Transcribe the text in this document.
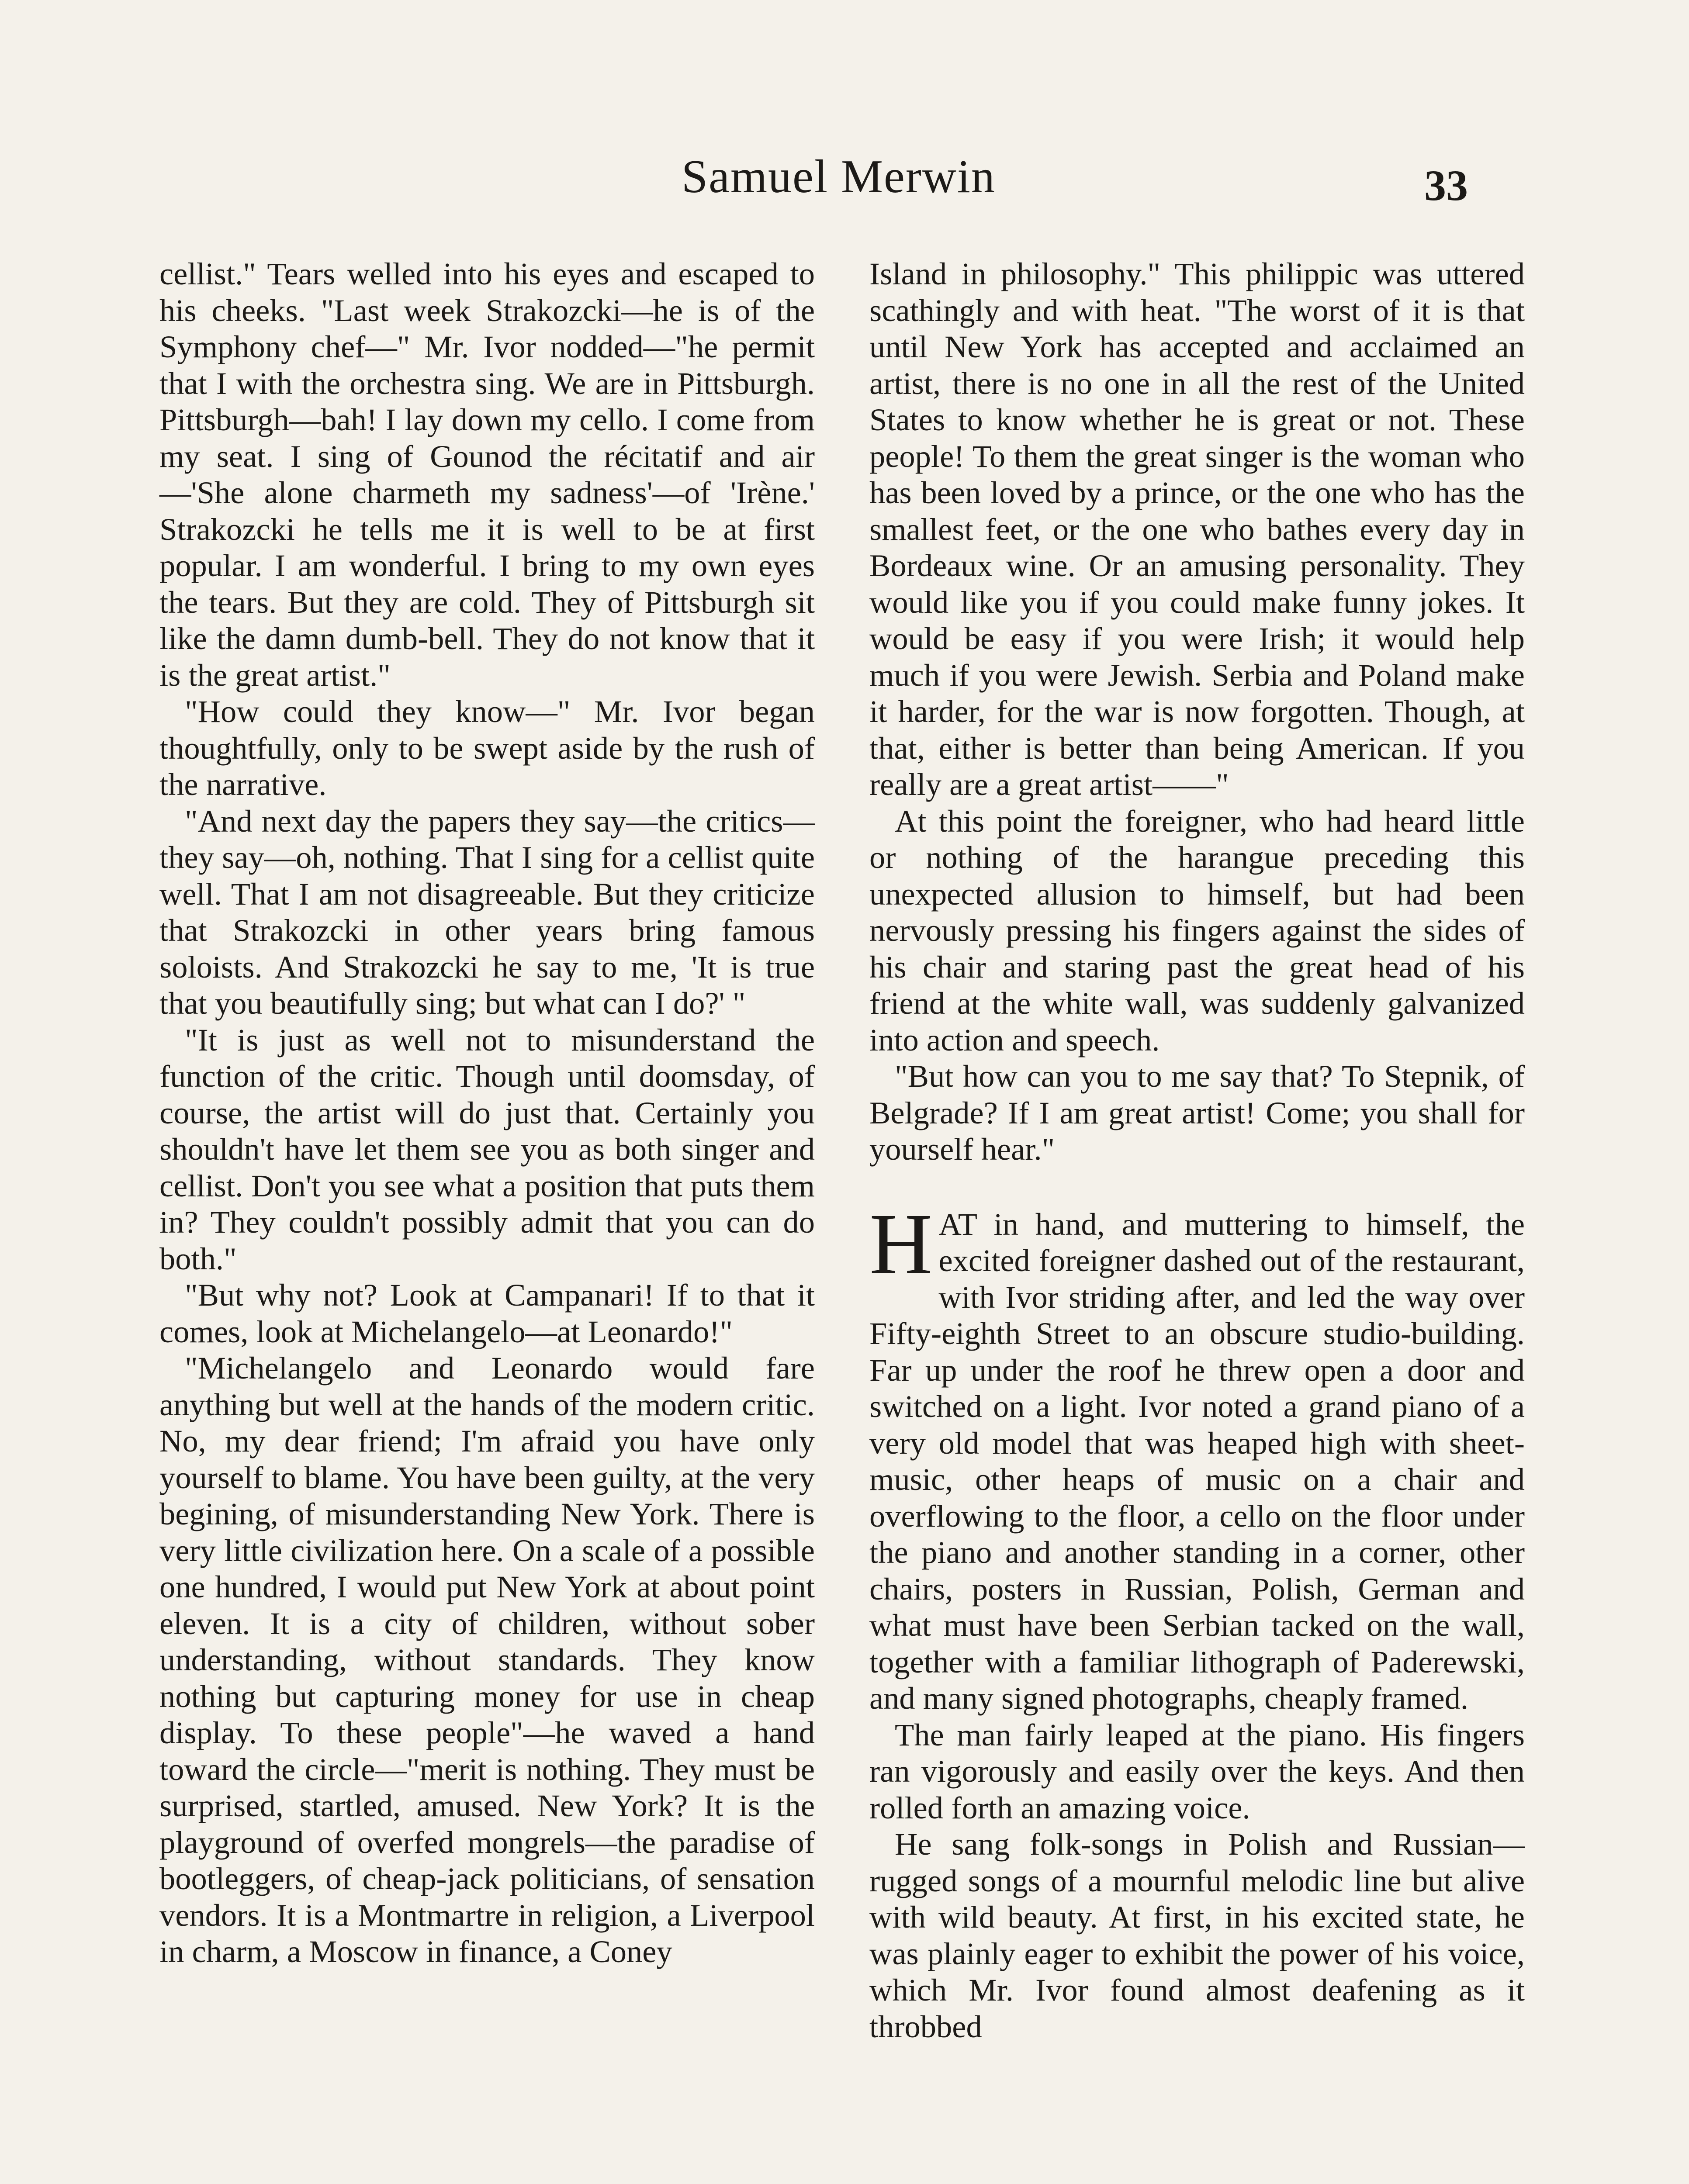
Samuel Merwin	33

cellist." Tears welled into his eyes and escaped to his cheeks. "Last week Strakozcki—he is of the Symphony chef—" Mr. Ivor nodded—"he permit that I with the orchestra sing. We are in Pittsburgh. Pittsburgh—bah! I lay down my cello. I come from my seat. I sing of Gounod the récitatif and air—'She alone charmeth my sadness'—of 'Irène.' Strakozcki he tells me it is well to be at first popular. I am wonderful. I bring to my own eyes the tears. But they are cold. They of Pittsburgh sit like the damn dumb-bell. They do not know that it is the great artist."

"How could they know—" Mr. Ivor began thoughtfully, only to be swept aside by the rush of the narrative.

"And next day the papers they say—the critics—they say—oh, nothing. That I sing for a cellist quite well. That I am not disagreeable. But they criticize that Strakozcki in other years bring famous soloists. And Strakozcki he say to me, 'It is true that you beautifully sing; but what can I do?' "

"It is just as well not to misunderstand the function of the critic. Though until doomsday, of course, the artist will do just that. Certainly you shouldn't have let them see you as both singer and cellist. Don't you see what a position that puts them in? They couldn't possibly admit that you can do both."

"But why not? Look at Campanari! If to that it comes, look at Michelangelo—at Leonardo!"

"Michelangelo and Leonardo would fare anything but well at the hands of the modern critic. No, my dear friend; I'm afraid you have only yourself to blame. You have been guilty, at the very begining, of misunderstanding New York. There is very little civilization here. On a scale of a possible one hundred, I would put New York at about point eleven. It is a city of children, without sober understanding, without standards. They know nothing but capturing money for use in cheap display. To these people"—he waved a hand toward the circle—"merit is nothing. They must be surprised, startled, amused. New York? It is the playground of overfed mongrels—the paradise of bootleggers, of cheap-jack politicians, of sensation vendors. It is a Montmartre in religion, a Liverpool in charm, a Moscow in finance, a Coney

Island in philosophy." This philippic was uttered scathingly and with heat. "The worst of it is that until New York has accepted and acclaimed an artist, there is no one in all the rest of the United States to know whether he is great or not. These people! To them the great singer is the woman who has been loved by a prince, or the one who has the smallest feet, or the one who bathes every day in Bordeaux wine. Or an amusing personality. They would like you if you could make funny jokes. It would be easy if you were Irish; it would help much if you were Jewish. Serbia and Poland make it harder, for the war is now forgotten. Though, at that, either is better than being American. If you really are a great artist——"

At this point the foreigner, who had heard little or nothing of the harangue preceding this unexpected allusion to himself, but had been nervously pressing his fingers against the sides of his chair and staring past the great head of his friend at the white wall, was suddenly galvanized into action and speech.

"But how can you to me say that? To Stepnik, of Belgrade? If I am great artist! Come; you shall for yourself hear."

HAT in hand, and muttering to himself, the excited foreigner dashed out of the restaurant, with Ivor striding after, and led the way over Fifty-eighth Street to an obscure studio-building. Far up under the roof he threw open a door and switched on a light. Ivor noted a grand piano of a very old model that was heaped high with sheet-music, other heaps of music on a chair and overflowing to the floor, a cello on the floor under the piano and another standing in a corner, other chairs, posters in Russian, Polish, German and what must have been Serbian tacked on the wall, together with a familiar lithograph of Paderewski, and many signed photographs, cheaply framed.

The man fairly leaped at the piano. His fingers ran vigorously and easily over the keys. And then rolled forth an amazing voice.

He sang folk-songs in Polish and Russian—rugged songs of a mournful melodic line but alive with wild beauty. At first, in his excited state, he was plainly eager to exhibit the power of his voice, which Mr. Ivor found almost deafening as it throbbed
